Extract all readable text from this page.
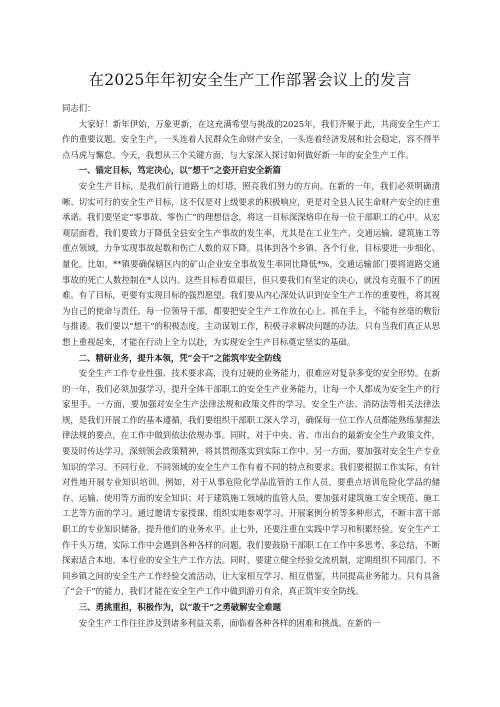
在2025年年初安全生产工作部署会议上的发言

同志们：

大家好！新年伊始，万象更新，在这充满希望与挑战的2025年，我们齐聚于此，共商安全生产工作的重要议题。安全生产，一头连着人民群众生命财产安全，一头连着经济发展和社会稳定，容不得半点马虎与懈怠。今天，我想从三个关键方面，与大家深入探讨如何做好新一年的安全生产工作。

一、锚定目标，笃定决心，以“想干”之姿开启安全新篇

安全生产目标，是我们前行道路上的灯塔，照亮我们努力的方向。在新的一年，我们必须明确清晰、切实可行的安全生产目标，这不仅是对上级要求的积极响应，更是对全县人民生命财产安全的庄重承诺。我们要坚定“零事故、零伤亡”的理想信念，将这一目标深深烙印在每一位干部职工的心中。从宏观层面看，我们要致力于降低全县安全生产事故的发生率，尤其是在工业生产、交通运输、建筑施工等重点领域，力争实现事故起数和伤亡人数的双下降。具体到各个乡镇、各个行业，目标要进一步细化、量化。比如，**镇要确保辖区内的矿山企业安全事故发生率同比降低*%，交通运输部门要将道路交通事故的死亡人数控制在*人以内。这些目标看似艰巨，但只要我们有坚定的决心，就没有克服不了的困难。有了目标，更要有实现目标的强烈愿望。我们要从内心深处认识到安全生产工作的重要性，将其视为自己的使命与责任。每一位领导干部，都要把安全生产工作放在心上、抓在手上，不能有丝毫的敷衍与推诿。我们要以“想干”的积极态度，主动谋划工作，积极寻求解决问题的办法。只有当我们真正从思想上重视起来，才能在行动上全力以赴，为实现安全生产目标奠定坚实的基础。

二、精研业务，提升本领，凭“会干”之能筑牢安全防线

安全生产工作专业性强、技术要求高，没有过硬的业务能力，很难应对复杂多变的安全形势。在新的一年，我们必须加强学习，提升全体干部职工的安全生产业务能力，让每一个人都成为安全生产的行家里手。一方面，要加强对安全生产法律法规和政策文件的学习。安全生产法、消防法等相关法律法规，是我们开展工作的基本遵循，我们要组织干部职工深入学习，确保每一位工作人员都能熟练掌握法律法规的要点，在工作中做到依法依规办事。同时，对于中央、省、市出台的最新安全生产政策文件，要及时传达学习，深刻领会政策精神，将其贯彻落实到实际工作中。另一方面，要加强对安全生产专业知识的学习。不同行业、不同领域的安全生产工作有着不同的特点和要求。我们要根据工作实际，有针对性地开展专业知识培训。例如，对于从事危险化学品监管的工作人员，要重点培训危险化学品的储存、运输、使用等方面的安全知识；对于建筑施工领域的监管人员，要加强对建筑施工安全规范、施工工艺等方面的学习。通过邀请专家授课、组织实地参观学习、开展案例分析等多种形式，不断丰富干部职工的专业知识储备，提升他们的业务水平。止七外，还要注重在实践中学习和积累经验。安全生产工作千头万绪，实际工作中会遇到各种各样的问题。我们要鼓励干部职工在工作中多思考、多总结，不断探索适合本地、本行业的安全生产工作方法。同时，要建立健全经验交流机制，定期组织不同部门、不同乡镇之间的安全生产工作经验交流活动，让大家相互学习、相互借鉴，共同提高业务能力。只有具备了“会干”的能力，我们才能在安全生产工作中做到游刃有余，真正筑牢安全防线。

三、勇挑重担，积极作为，以“敢干”之勇破解安全难题

安全生产工作往往涉及到诸多利益关系，面临着各种各样的困难和挑战。在新的一
